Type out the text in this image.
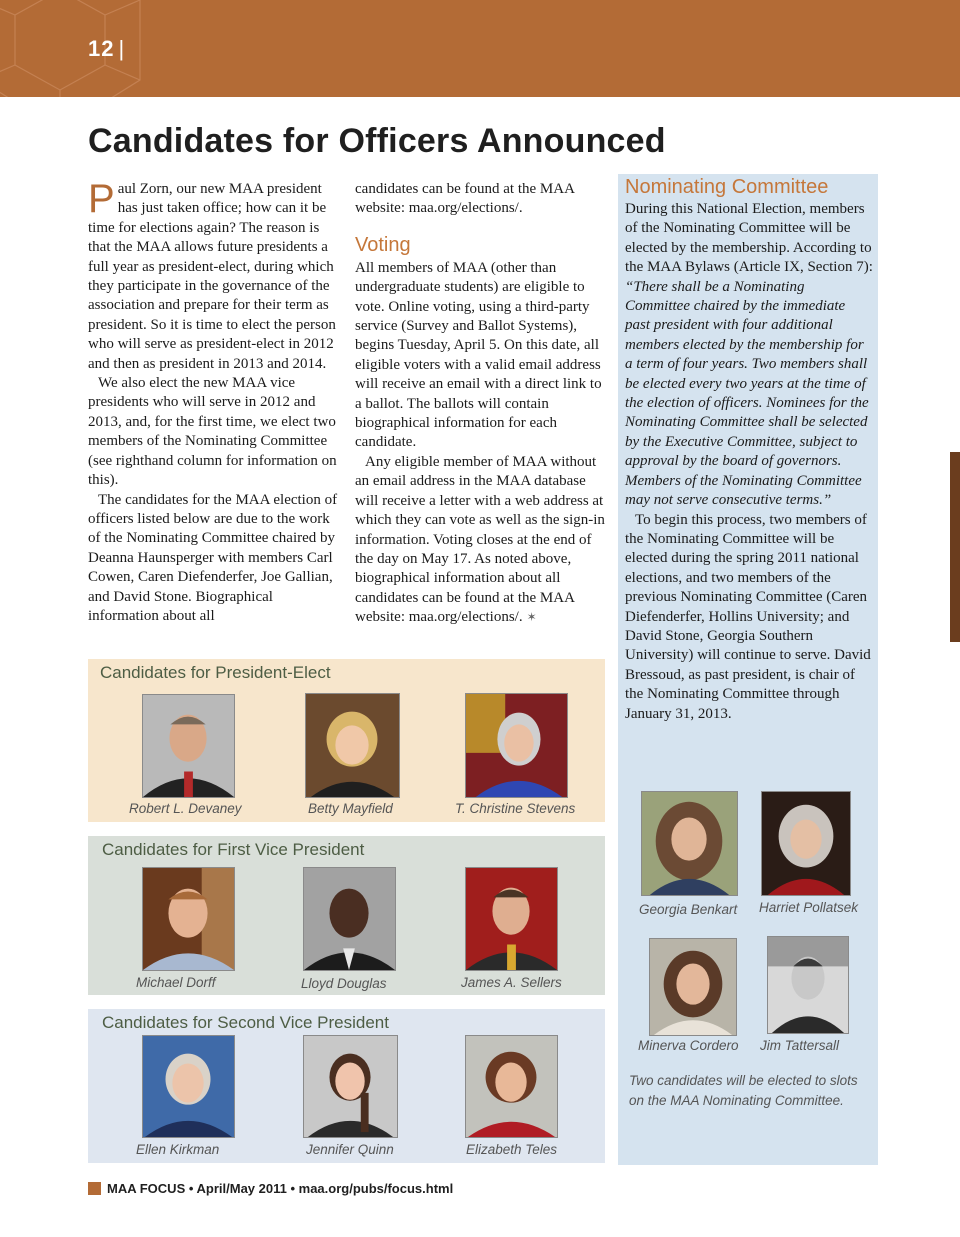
12 |
Candidates for Officers Announced

Paul Zorn, our new MAA president has just taken office; how can it be time for elections again? The reason is that the MAA allows future presidents a full year as president-elect, during which they participate in the governance of the association and prepare for their term as president. So it is time to elect the person who will serve as president-elect in 2012 and then as president in 2013 and 2014.

We also elect the new MAA vice presidents who will serve in 2012 and 2013, and, for the first time, we elect two members of the Nominating Committee (see righthand column for information on this).

The candidates for the MAA election of officers listed below are due to the work of the Nominating Committee chaired by Deanna Haunsperger with members Carl Cowen, Caren Diefenderfer, Joe Gallian, and David Stone. Biographical information about all

candidates can be found at the MAA website: maa.org/elections/.

Voting

All members of MAA (other than undergraduate students) are eligible to vote. Online voting, using a third-party service (Survey and Ballot Systems), begins Tuesday, April 5. On this date, all eligible voters with a valid email address will receive an email with a direct link to a ballot. The ballots will contain biographical information for each candidate.

Any eligible member of MAA without an email address in the MAA database will receive a letter with a web address at which they can vote as well as the sign-in information. Voting closes at the end of the day on May 17. As noted above, biographical information about all candidates can be found at the MAA website: maa.org/elections/. ✶

Nominating Committee

During this National Election, members of the Nominating Committee will be elected by the membership. According to the MAA Bylaws (Article IX, Section 7): “There shall be a Nominating Committee chaired by the immediate past president with four additional members elected by the membership for a term of four years. Two members shall be elected every two years at the time of the election of officers. Nominees for the Nominating Committee shall be selected by the Executive Committee, subject to approval by the board of governors. Members of the Nominating Committee may not serve consecutive terms.”

To begin this process, two members of the Nominating Committee will be elected during the spring 2011 national elections, and two members of the previous Nominating Committee (Caren Diefenderfer, Hollins University; and David Stone, Georgia Southern University) will continue to serve. David Bressoud, as past president, is chair of the Nominating Committee through January 31, 2013.

Georgia Benkart Harriet Pollatsek
Minerva Cordero Jim Tattersall
Two candidates will be elected to slots on the MAA Nominating Committee.
Candidates for President-Elect
Robert L. Devaney	Betty Mayfield	T. Christine Stevens
Candidates for First Vice President
Michael Dorff	Lloyd Douglas	James A. Sellers
Candidates for Second Vice President
Ellen Kirkman	Jennifer Quinn	Elizabeth Teles
MAA FOCUS • April/May 2011 • maa.org/pubs/focus.html
